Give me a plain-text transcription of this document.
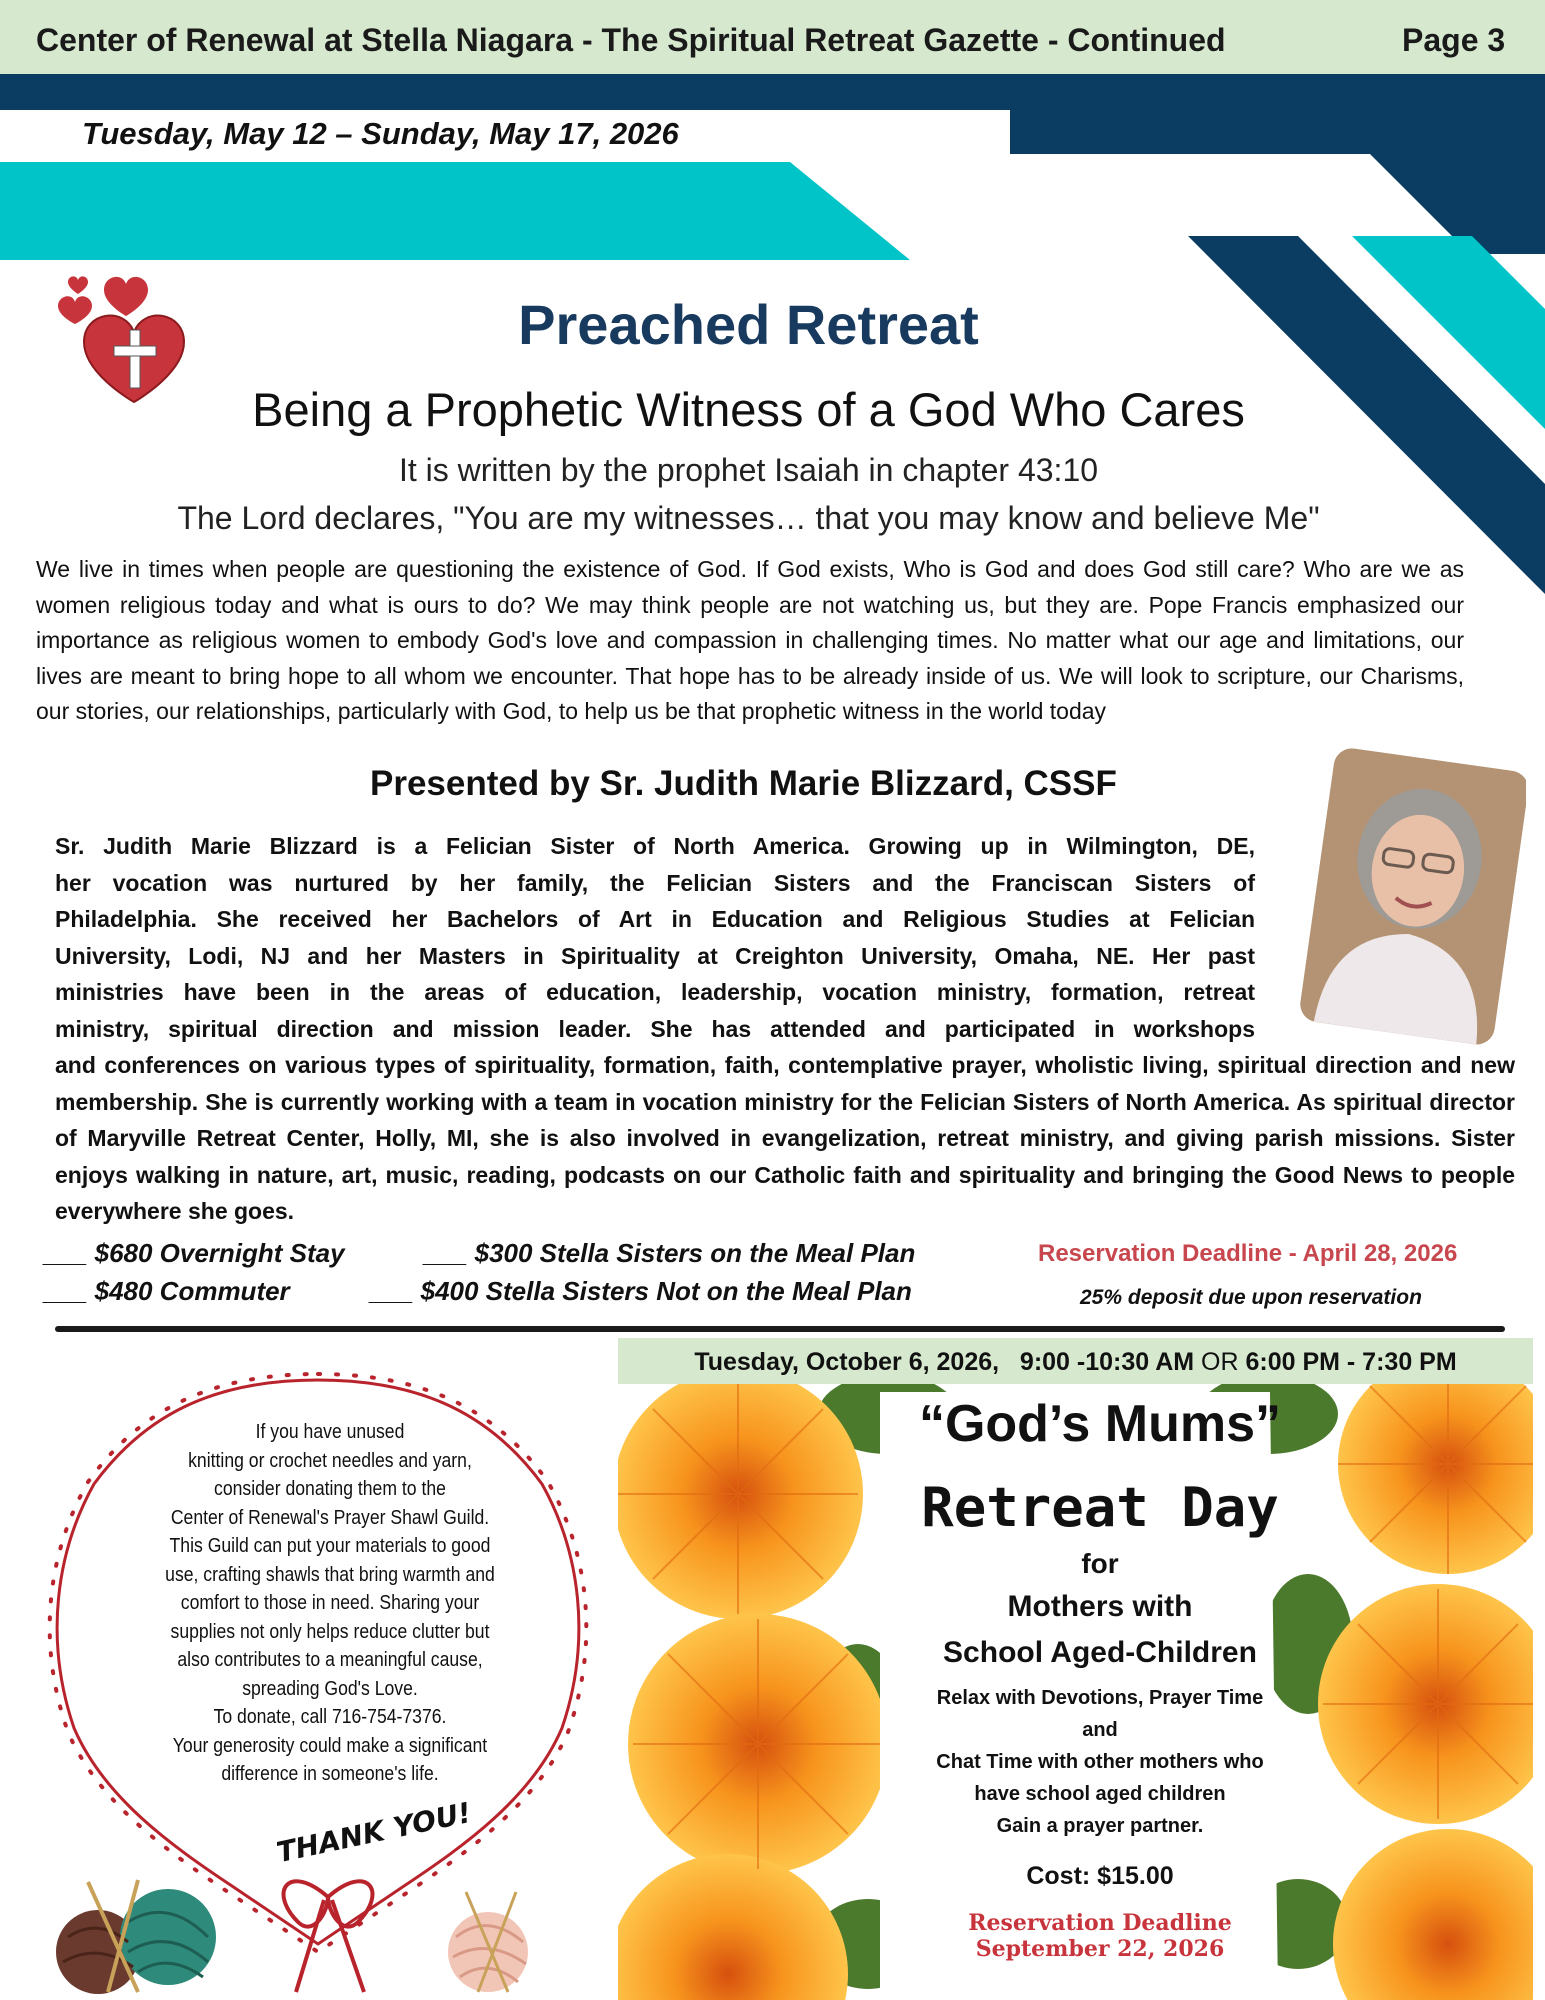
Center of Renewal at Stella Niagara - The Spiritual Retreat Gazette - Continued	Page 3
Tuesday, May 12 – Sunday, May 17, 2026
Preached Retreat
Being a Prophetic Witness of a God Who Cares
It is written by the prophet Isaiah in chapter 43:10
The Lord declares, "You are my witnesses… that you may know and believe Me"
We live in times when people are questioning the existence of God. If God exists, Who is God and does God still care? Who are we as women religious today and what is ours to do? We may think people are not watching us, but they are. Pope Francis emphasized our importance as religious women to embody God's love and compassion in challenging times. No matter what our age and limitations, our lives are meant to bring hope to all whom we encounter. That hope has to be already inside of us. We will look to scripture, our Charisms, our stories, our relationships, particularly with God, to help us be that prophetic witness in the world today
Presented by Sr. Judith Marie Blizzard, CSSF
Sr. Judith Marie Blizzard is a Felician Sister of North America. Growing up in Wilmington, DE,
her vocation was nurtured by her family, the Felician Sisters and the Franciscan Sisters of
Philadelphia. She received her Bachelors of Art in Education and Religious Studies at Felician
University, Lodi, NJ and her Masters in Spirituality at Creighton University, Omaha, NE. Her past
ministries have been in the areas of education, leadership, vocation ministry, formation, retreat
ministry, spiritual direction and mission leader. She has attended and participated in workshops
and conferences on various types of spirituality, formation, faith, contemplative prayer, wholistic living, spiritual direction and new membership. She is currently working with a team in vocation ministry for the Felician Sisters of North America. As spiritual director of Maryville Retreat Center, Holly, MI, she is also involved in evangelization, retreat ministry, and giving parish missions. Sister enjoys walking in nature, art, music, reading, podcasts on our Catholic faith and spirituality and bringing the Good News to people everywhere she goes.
___ $680 Overnight Stay
___ $480 Commuter
___ $300 Stella Sisters on the Meal Plan
___ $400 Stella Sisters Not on the Meal Plan
Reservation Deadline - April 28, 2026
25% deposit due upon reservation
THANK YOU!
If you have unused
knitting or crochet needles and yarn,
consider donating them to the
Center of Renewal's Prayer Shawl Guild.
This Guild can put your materials to good
use, crafting shawls that bring warmth and
comfort to those in need. Sharing your
supplies not only helps reduce clutter but
also contributes to a meaningful cause,
spreading God's Love.
To donate, call 716-754-7376.
Your generosity could make a significant
difference in someone's life.
Tuesday, October 6, 2026, 9:00 -10:30 AM OR 6:00 PM - 7:30 PM
“God’s Mums”
Retreat Day
for
Mothers with
School Aged-Children
Relax with Devotions, Prayer Time
and
Chat Time with other mothers who
have school aged children
Gain a prayer partner.
Cost: $15.00
Reservation Deadline
September 22, 2026
